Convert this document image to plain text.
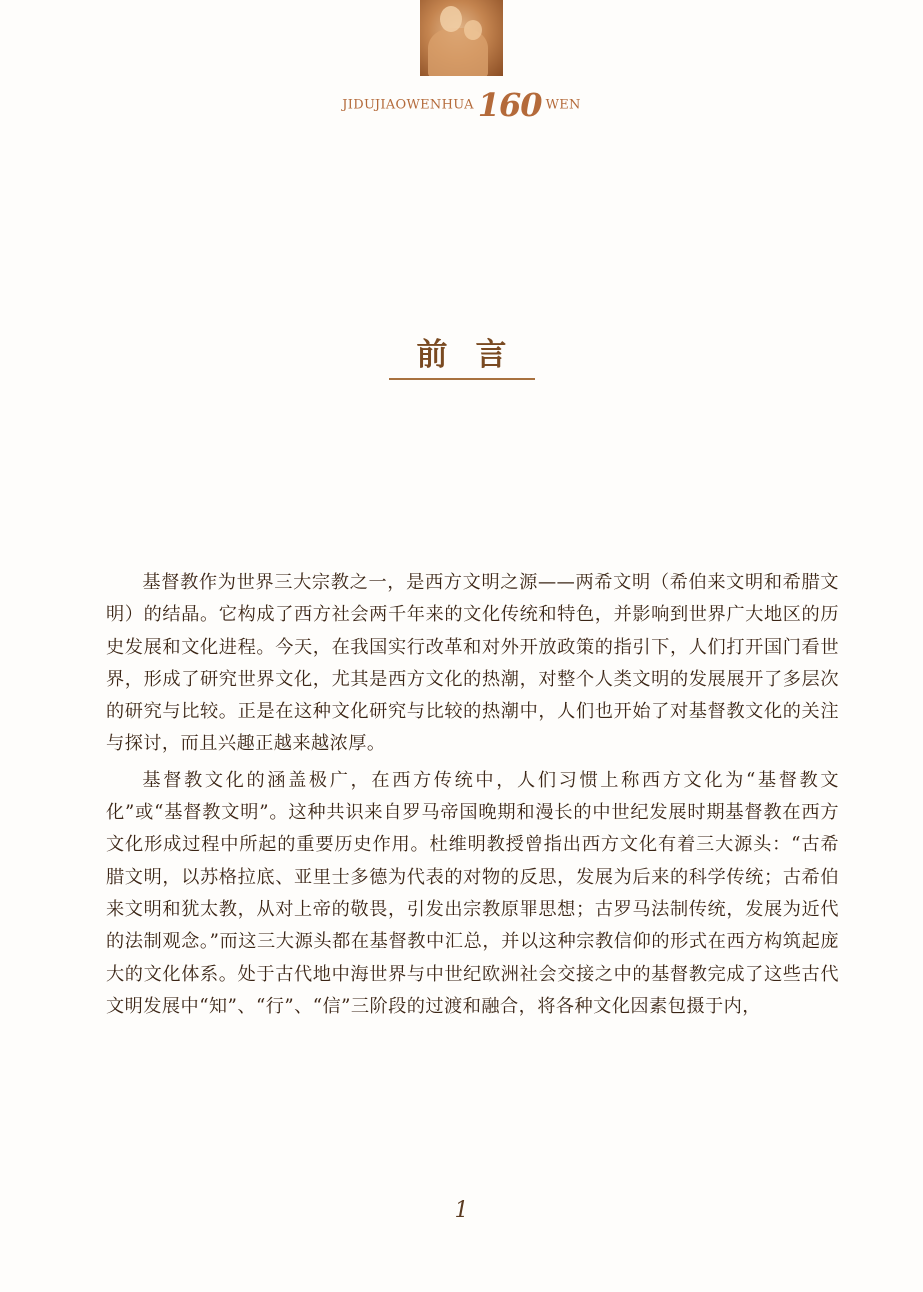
JIDUJIAOWENHUA 160 WEN
前言

基督教作为世界三大宗教之一，是西方文明之源——两希文明（希伯来文明和希腊文明）的结晶。它构成了西方社会两千年来的文化传统和特色，并影响到世界广大地区的历史发展和文化进程。今天，在我国实行改革和对外开放政策的指引下，人们打开国门看世界，形成了研究世界文化，尤其是西方文化的热潮，对整个人类文明的发展展开了多层次的研究与比较。正是在这种文化研究与比较的热潮中，人们也开始了对基督教文化的关注与探讨，而且兴趣正越来越浓厚。

基督教文化的涵盖极广，在西方传统中，人们习惯上称西方文化为“基督教文化”或“基督教文明”。这种共识来自罗马帝国晚期和漫长的中世纪发展时期基督教在西方文化形成过程中所起的重要历史作用。杜维明教授曾指出西方文化有着三大源头：“古希腊文明，以苏格拉底、亚里士多德为代表的对物的反思，发展为后来的科学传统；古希伯来文明和犹太教，从对上帝的敬畏，引发出宗教原罪思想；古罗马法制传统，发展为近代的法制观念。”而这三大源头都在基督教中汇总，并以这种宗教信仰的形式在西方构筑起庞大的文化体系。处于古代地中海世界与中世纪欧洲社会交接之中的基督教完成了这些古代文明发展中“知”、“行”、“信”三阶段的过渡和融合，将各种文化因素包摄于内，

1
